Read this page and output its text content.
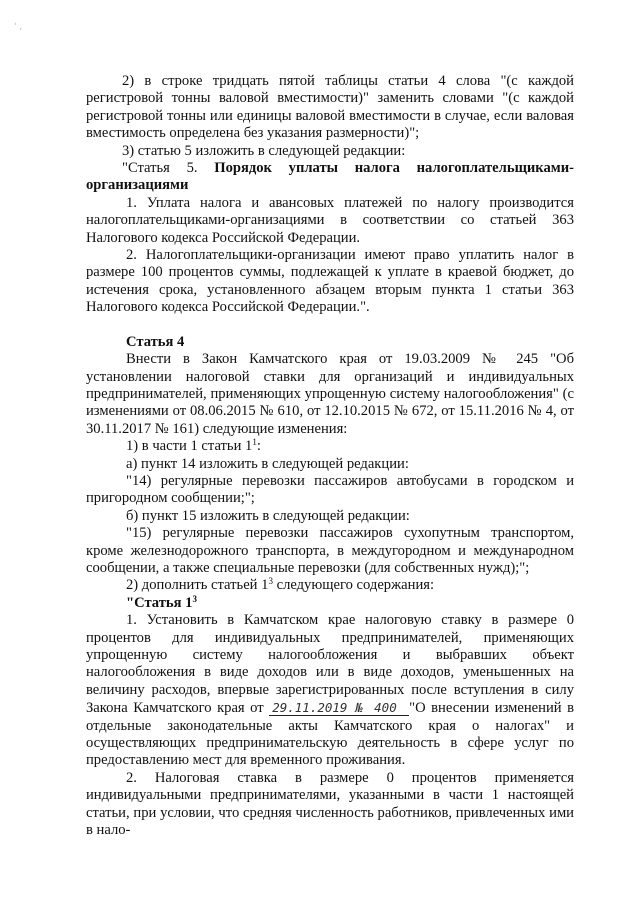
' ,

2) в строке тридцать пятой таблицы статьи 4 слова "(с каждой регистровой тонны валовой вместимости)" заменить словами "(с каждой регистровой тонны или единицы валовой вместимости в случае, если валовая вместимость определена без указания размерности)";

3) статью 5 изложить в следующей редакции:

"Статья 5. Порядок уплаты налога налогоплательщиками-организациями

1. Уплата налога и авансовых платежей по налогу производится налогоплательщиками-организациями в соответствии со статьей 363 Налогового кодекса Российской Федерации.

2. Налогоплательщики-организации имеют право уплатить налог в размере 100 процентов суммы, подлежащей к уплате в краевой бюджет, до истечения срока, установленного абзацем вторым пункта 1 статьи 363 Налогового кодекса Российской Федерации.".

Статья 4

Внести в Закон Камчатского края от 19.03.2009 № 245 "Об установлении налоговой ставки для организаций и индивидуальных предпринимателей, применяющих упрощенную систему налогообложения" (с изменениями от 08.06.2015 № 610, от 12.10.2015 № 672, от 15.11.2016 № 4, от 30.11.2017 № 161) следующие изменения:

1) в части 1 статьи $1^1$:

а) пункт 14 изложить в следующей редакции:

"14) регулярные перевозки пассажиров автобусами в городском и пригородном сообщении;";

б) пункт 15 изложить в следующей редакции:

"15) регулярные перевозки пассажиров сухопутным транспортом, кроме железнодорожного транспорта, в междугородном и международном сообщении, а также специальные перевозки (для собственных нужд);";

2) дополнить статьей $1^3$ следующего содержания:

"Статья $1^3$

1. Установить в Камчатском крае налоговую ставку в размере 0 процентов для индивидуальных предпринимателей, применяющих упрощенную систему налогообложения и выбравших объект налогообложения в виде доходов или в виде доходов, уменьшенных на величину расходов, впервые зарегистрированных после вступления в силу Закона Камчатского края от 29.11.2019 № 400 "О внесении изменений в отдельные законодательные акты Камчатского края о налогах" и осуществляющих предпринимательскую деятельность в сфере услуг по предоставлению мест для временного проживания.

2. Налоговая ставка в размере 0 процентов применяется индивидуальными предпринимателями, указанными в части 1 настоящей статьи, при условии, что средняя численность работников, привлеченных ими в нало-
